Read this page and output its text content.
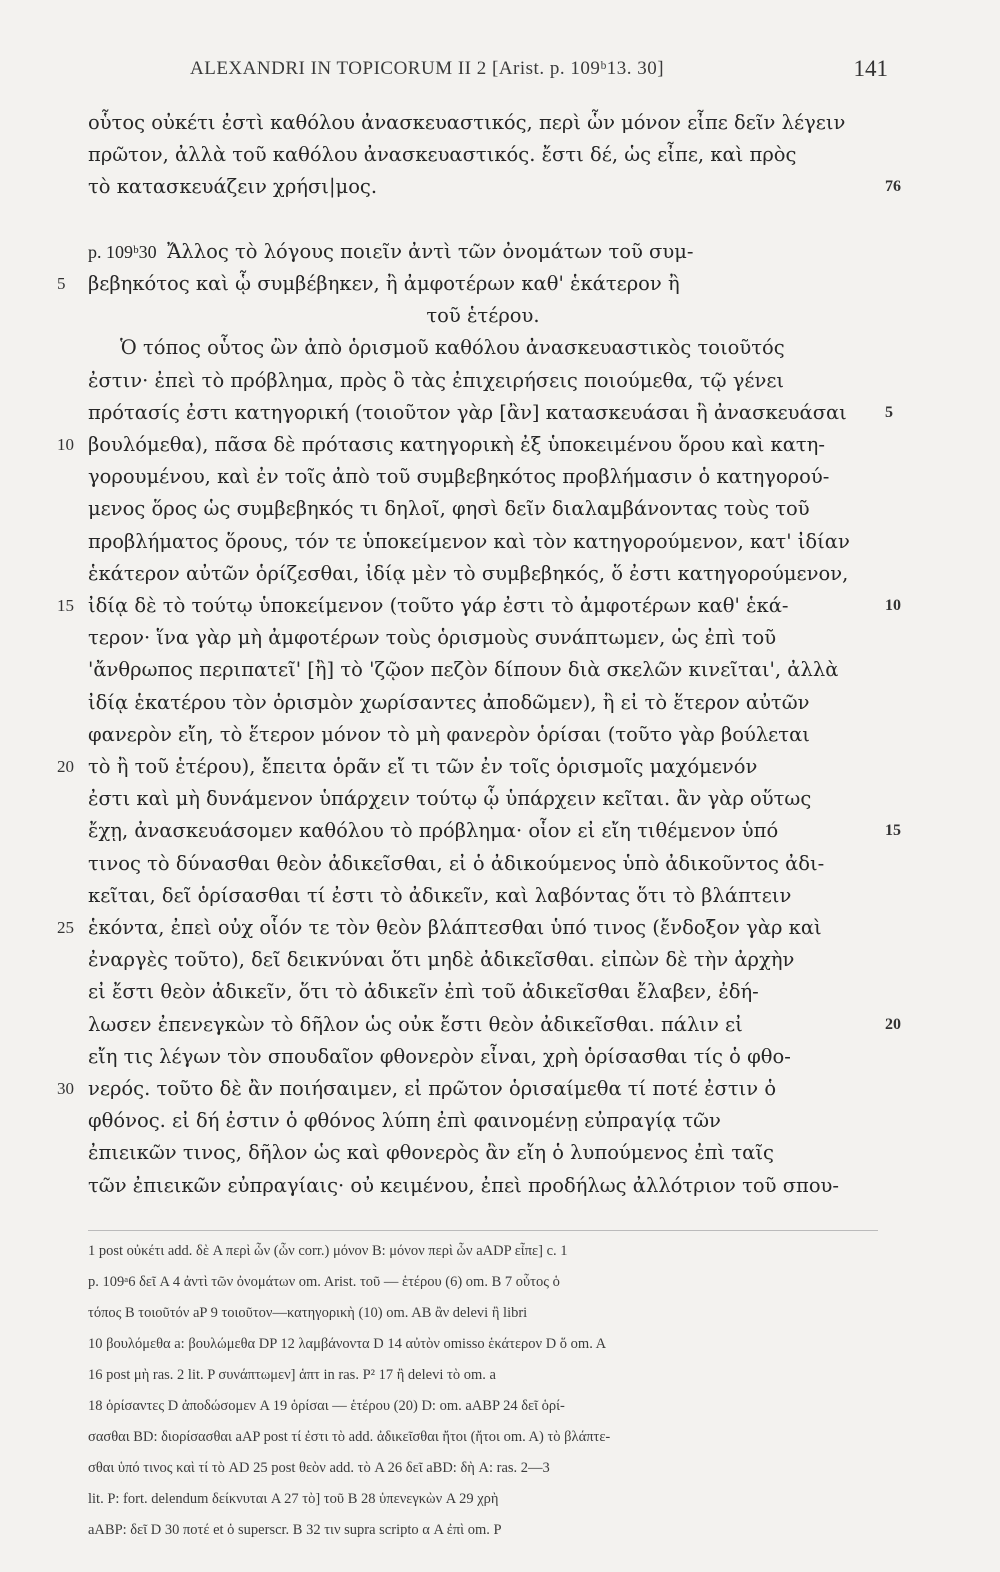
ALEXANDRI IN TOPICORUM II 2 [Arist. p. 109ᵇ13. 30]	141
οὗτος οὐκέτι ἐστὶ καθόλου ἀνασκευαστικός, περὶ ὧν μόνον εἶπε δεῖν λέγειν
πρῶτον, ἀλλὰ τοῦ καθόλου ἀνασκευαστικός. ἔστι δέ, ὡς εἶπε, καὶ πρὸς
τὸ κατασκευάζειν χρήσι|μος.	76
p. 109ᵇ30 Ἄλλος τὸ λόγους ποιεῖν ἀντὶ τῶν ὀνομάτων τοῦ συμ-
5	βεβηκότος καὶ ᾧ συμβέβηκεν, ἢ ἀμφοτέρων καθ' ἑκάτερον ἢ
τοῦ ἑτέρου.
Ὁ τόπος οὗτος ὢν ἀπὸ ὁρισμοῦ καθόλου ἀνασκευαστικὸς τοιοῦτός
ἐστιν· ἐπεὶ τὸ πρόβλημα, πρὸς ὃ τὰς ἐπιχειρήσεις ποιούμεθα, τῷ γένει
πρότασίς ἐστι κατηγορική (τοιοῦτον γὰρ [ἂν] κατασκευάσαι ἢ ἀνασκευάσαι	5
10 βουλόμεθα), πᾶσα δὲ πρότασις κατηγορικὴ ἐξ ὑποκειμένου ὅρου καὶ κατη-
γορουμένου, καὶ ἐν τοῖς ἀπὸ τοῦ συμβεβηκότος προβλήμασιν ὁ κατηγορού-
μενος ὅρος ὡς συμβεβηκός τι δηλοῖ, φησὶ δεῖν διαλαμβάνοντας τοὺς τοῦ
προβλήματος ὅρους, τόν τε ὑποκείμενον καὶ τὸν κατηγορούμενον, κατ' ἰδίαν
ἑκάτερον αὐτῶν ὁρίζεσθαι, ἰδίᾳ μὲν τὸ συμβεβηκός, ὅ ἐστι κατηγορούμενον,
15 ἰδίᾳ δὲ τὸ τούτῳ ὑποκείμενον (τοῦτο γάρ ἐστι τὸ ἀμφοτέρων καθ' ἑκά-	10
τερον· ἵνα γὰρ μὴ ἀμφοτέρων τοὺς ὁρισμοὺς συνάπτωμεν, ὡς ἐπὶ τοῦ
'ἄνθρωπος περιπατεῖ' [ἢ] τὸ 'ζῷον πεζὸν δίπουν διὰ σκελῶν κινεῖται', ἀλλὰ
ἰδίᾳ ἑκατέρου τὸν ὁρισμὸν χωρίσαντες ἀποδῶμεν), ἢ εἰ τὸ ἕτερον αὐτῶν
φανερὸν εἴη, τὸ ἕτερον μόνον τὸ μὴ φανερὸν ὁρίσαι (τοῦτο γὰρ βούλεται
20 τὸ ἢ τοῦ ἑτέρου), ἔπειτα ὁρᾶν εἴ τι τῶν ἐν τοῖς ὁρισμοῖς μαχόμενόν
ἐστι καὶ μὴ δυνάμενον ὑπάρχειν τούτῳ ᾧ ὑπάρχειν κεῖται. ἂν γὰρ οὕτως
ἔχῃ, ἀνασκευάσομεν καθόλου τὸ πρόβλημα· οἷον εἰ εἴη τιθέμενον ὑπό	15
τινος τὸ δύνασθαι θεὸν ἀδικεῖσθαι, εἰ ὁ ἀδικούμενος ὑπὸ ἀδικοῦντος ἀδι-
κεῖται, δεῖ ὁρίσασθαι τί ἐστι τὸ ἀδικεῖν, καὶ λαβόντας ὅτι τὸ βλάπτειν
25 ἑκόντα, ἐπεὶ οὐχ οἷόν τε τὸν θεὸν βλάπτεσθαι ὑπό τινος (ἔνδοξον γὰρ καὶ
ἐναργὲς τοῦτο), δεῖ δεικνύναι ὅτι μηδὲ ἀδικεῖσθαι. εἰπὼν δὲ τὴν ἀρχὴν
εἰ ἔστι θεὸν ἀδικεῖν, ὅτι τὸ ἀδικεῖν ἐπὶ τοῦ ἀδικεῖσθαι ἔλαβεν, ἐδή-
λωσεν ἐπενεγκὼν τὸ δῆλον ὡς οὐκ ἔστι θεὸν ἀδικεῖσθαι. πάλιν εἰ	20
εἴη τις λέγων τὸν σπουδαῖον φθονερὸν εἶναι, χρὴ ὁρίσασθαι τίς ὁ φθο-
30 νερός. τοῦτο δὲ ἂν ποιήσαιμεν, εἰ πρῶτον ὁρισαίμεθα τί ποτέ ἐστιν ὁ
φθόνος. εἰ δή ἐστιν ὁ φθόνος λύπη ἐπὶ φαινομένῃ εὐπραγίᾳ τῶν
ἐπιεικῶν τινος, δῆλον ὡς καὶ φθονερὸς ἂν εἴη ὁ λυπούμενος ἐπὶ ταῖς
τῶν ἐπιεικῶν εὐπραγίαις· οὐ κειμένου, ἐπεὶ προδήλως ἀλλότριον τοῦ σπου-
1 post οὐκέτι add. δὲ A περὶ ὧν (ὧν corr.) μόνον B: μόνον περὶ ὧν aADP εἶπε] c. 1
p. 109ᵃ6 δεῖ A 4 ἀντὶ τῶν ὀνομάτων om. Arist. τοῦ — ἑτέρου (6) om. B 7 οὗτος ὁ
τόπος B τοιοῦτόν aP 9 τοιοῦτον—κατηγορικὴ (10) om. AB ἂν delevi ἢ libri
10 βουλόμεθα a: βουλώμεθα DP 12 λαμβάνοντα D 14 αὐτὸν omisso ἑκάτερον D ὅ om. A
16 post μὴ ras. 2 lit. P συνάπτωμεν] ἁπτ in ras. P² 17 ἢ delevi τὸ om. a
18 ὁρίσαντες D ἀποδώσομεν A 19 ὁρίσαι — ἑτέρου (20) D: om. aABP 24 δεῖ ὁρί-
σασθαι BD: διορίσασθαι aAP post τί ἐστι τὸ add. ἀδικεῖσθαι ἤτοι (ἤτοι om. A) τὸ βλάπτε-
σθαι ὑπό τινος καὶ τί τὸ AD 25 post θεὸν add. τὸ A 26 δεῖ aBD: δὴ A: ras. 2—3
lit. P: fort. delendum δείκνυται A 27 τὸ] τοῦ B 28 ὑπενεγκὼν A 29 χρὴ
aABP: δεῖ D 30 ποτέ et ὁ superscr. B 32 τιν supra scripto α A ἐπὶ om. P
